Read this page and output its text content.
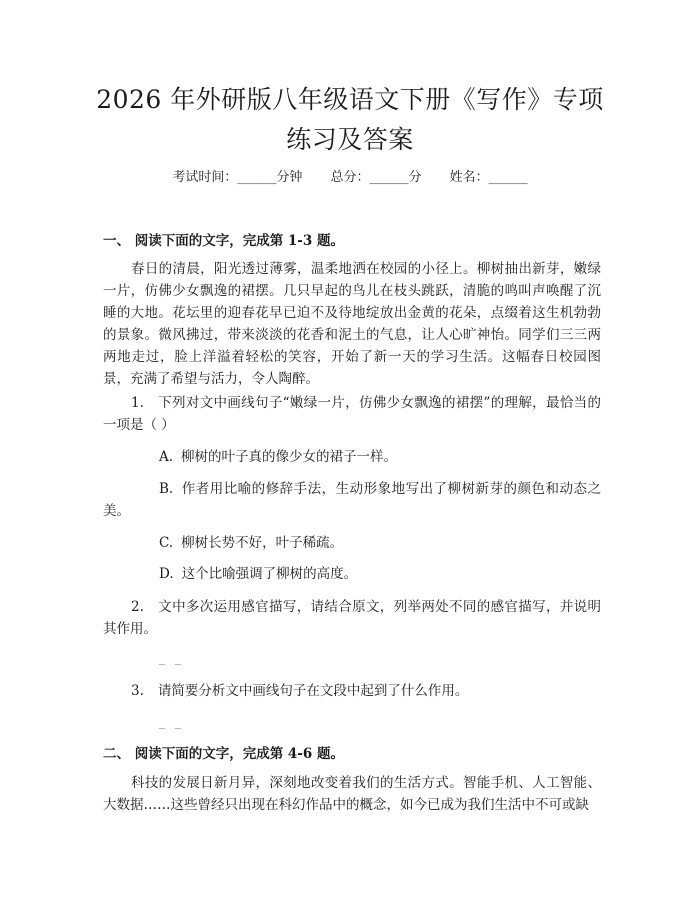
2026 年外研版八年级语文下册《写作》专项
练习及答案
考试时间：______分钟 总分：______分 姓名：______
一、 阅读下面的文字，完成第 1-3 题。
春日的清晨，阳光透过薄雾，温柔地洒在校园的小径上。柳树抽出新芽，嫩绿一片，仿佛少女飘逸的裙摆。几只早起的鸟儿在枝头跳跃，清脆的鸣叫声唤醒了沉睡的大地。花坛里的迎春花早已迫不及待地绽放出金黄的花朵，点缀着这生机勃勃的景象。微风拂过，带来淡淡的花香和泥土的气息，让人心旷神怡。同学们三三两两地走过，脸上洋溢着轻松的笑容，开始了新一天的学习生活。这幅春日校园图景，充满了希望与活力，令人陶醉。
1. 下列对文中画线句子“嫩绿一片，仿佛少女飘逸的裙摆”的理解，最恰当的一项是（ ）
A. 柳树的叶子真的像少女的裙子一样。
B. 作者用比喻的修辞手法，生动形象地写出了柳树新芽的颜色和动态之美。
C. 柳树长势不好，叶子稀疏。
D. 这个比喻强调了柳树的高度。
2. 文中多次运用感官描写，请结合原文，列举两处不同的感官描写，并说明其作用。
_ _
3. 请简要分析文中画线句子在文段中起到了什么作用。
_ _
二、 阅读下面的文字，完成第 4-6 题。
科技的发展日新月异，深刻地改变着我们的生活方式。智能手机、人工智能、大数据……这些曾经只出现在科幻作品中的概念，如今已成为我们生活中不可或缺
